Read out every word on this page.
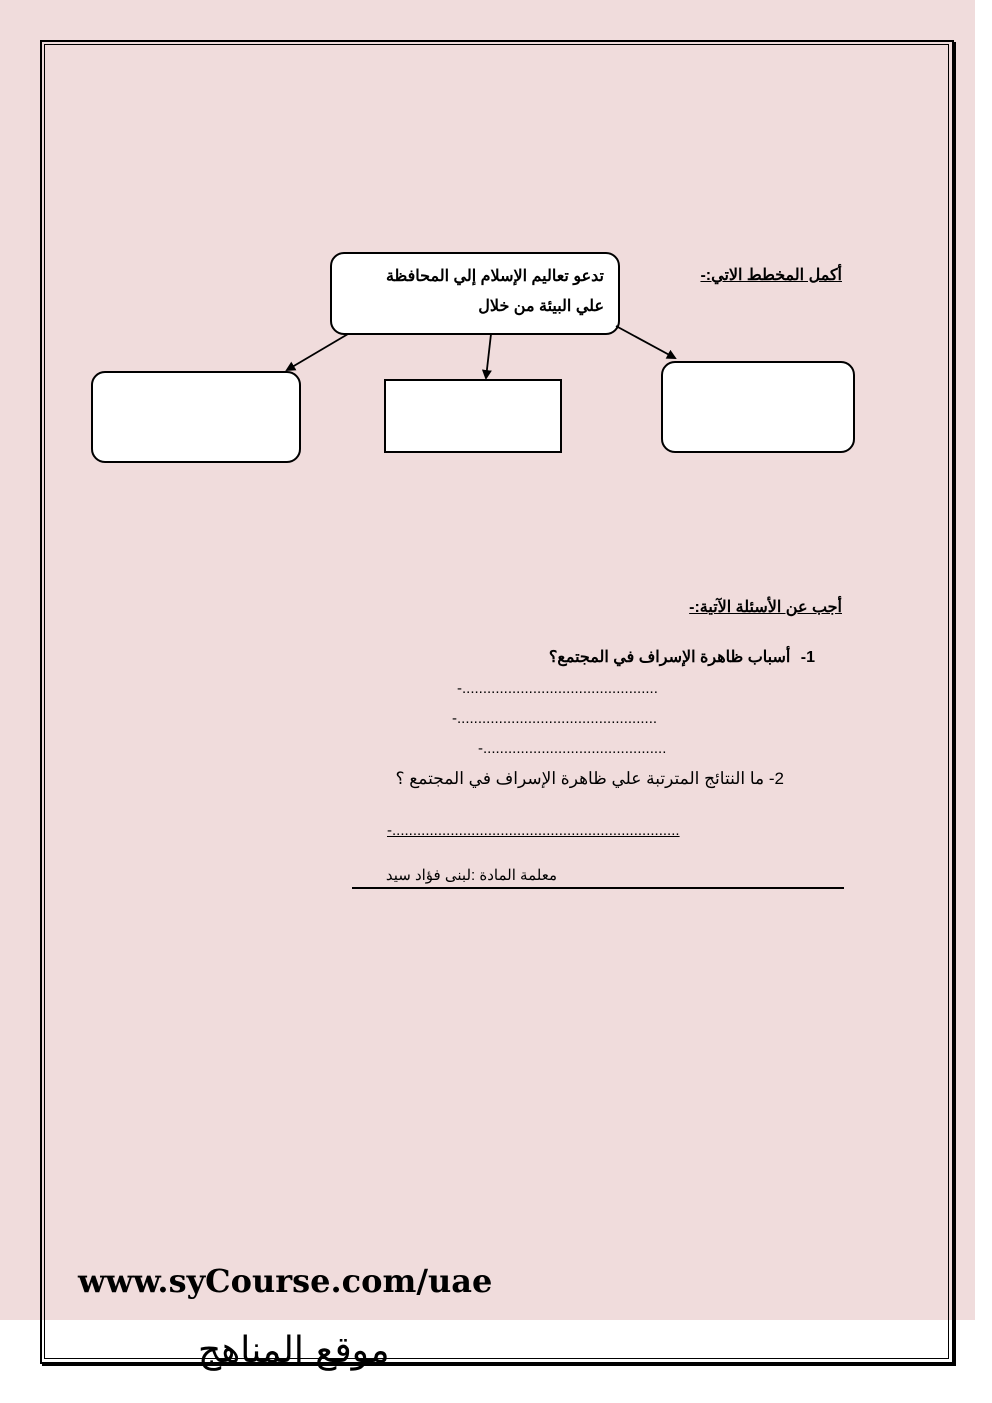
أكمل المخطط الاتي:-
تدعو تعاليم الإسلام إلي المحافظة
علي البيئة من خلال
أجب عن الأسئلة الآتية:-
1- أسباب ظاهرة الإسراف في المجتمع؟
-...............................................
-................................................
-............................................
2- ما النتائج المترتبة علي ظاهرة الإسراف في المجتمع ؟
-.....................................................................
معلمة المادة :لبنى فؤاد سيد
www.syCourse.com/uae
موقع المناهج
